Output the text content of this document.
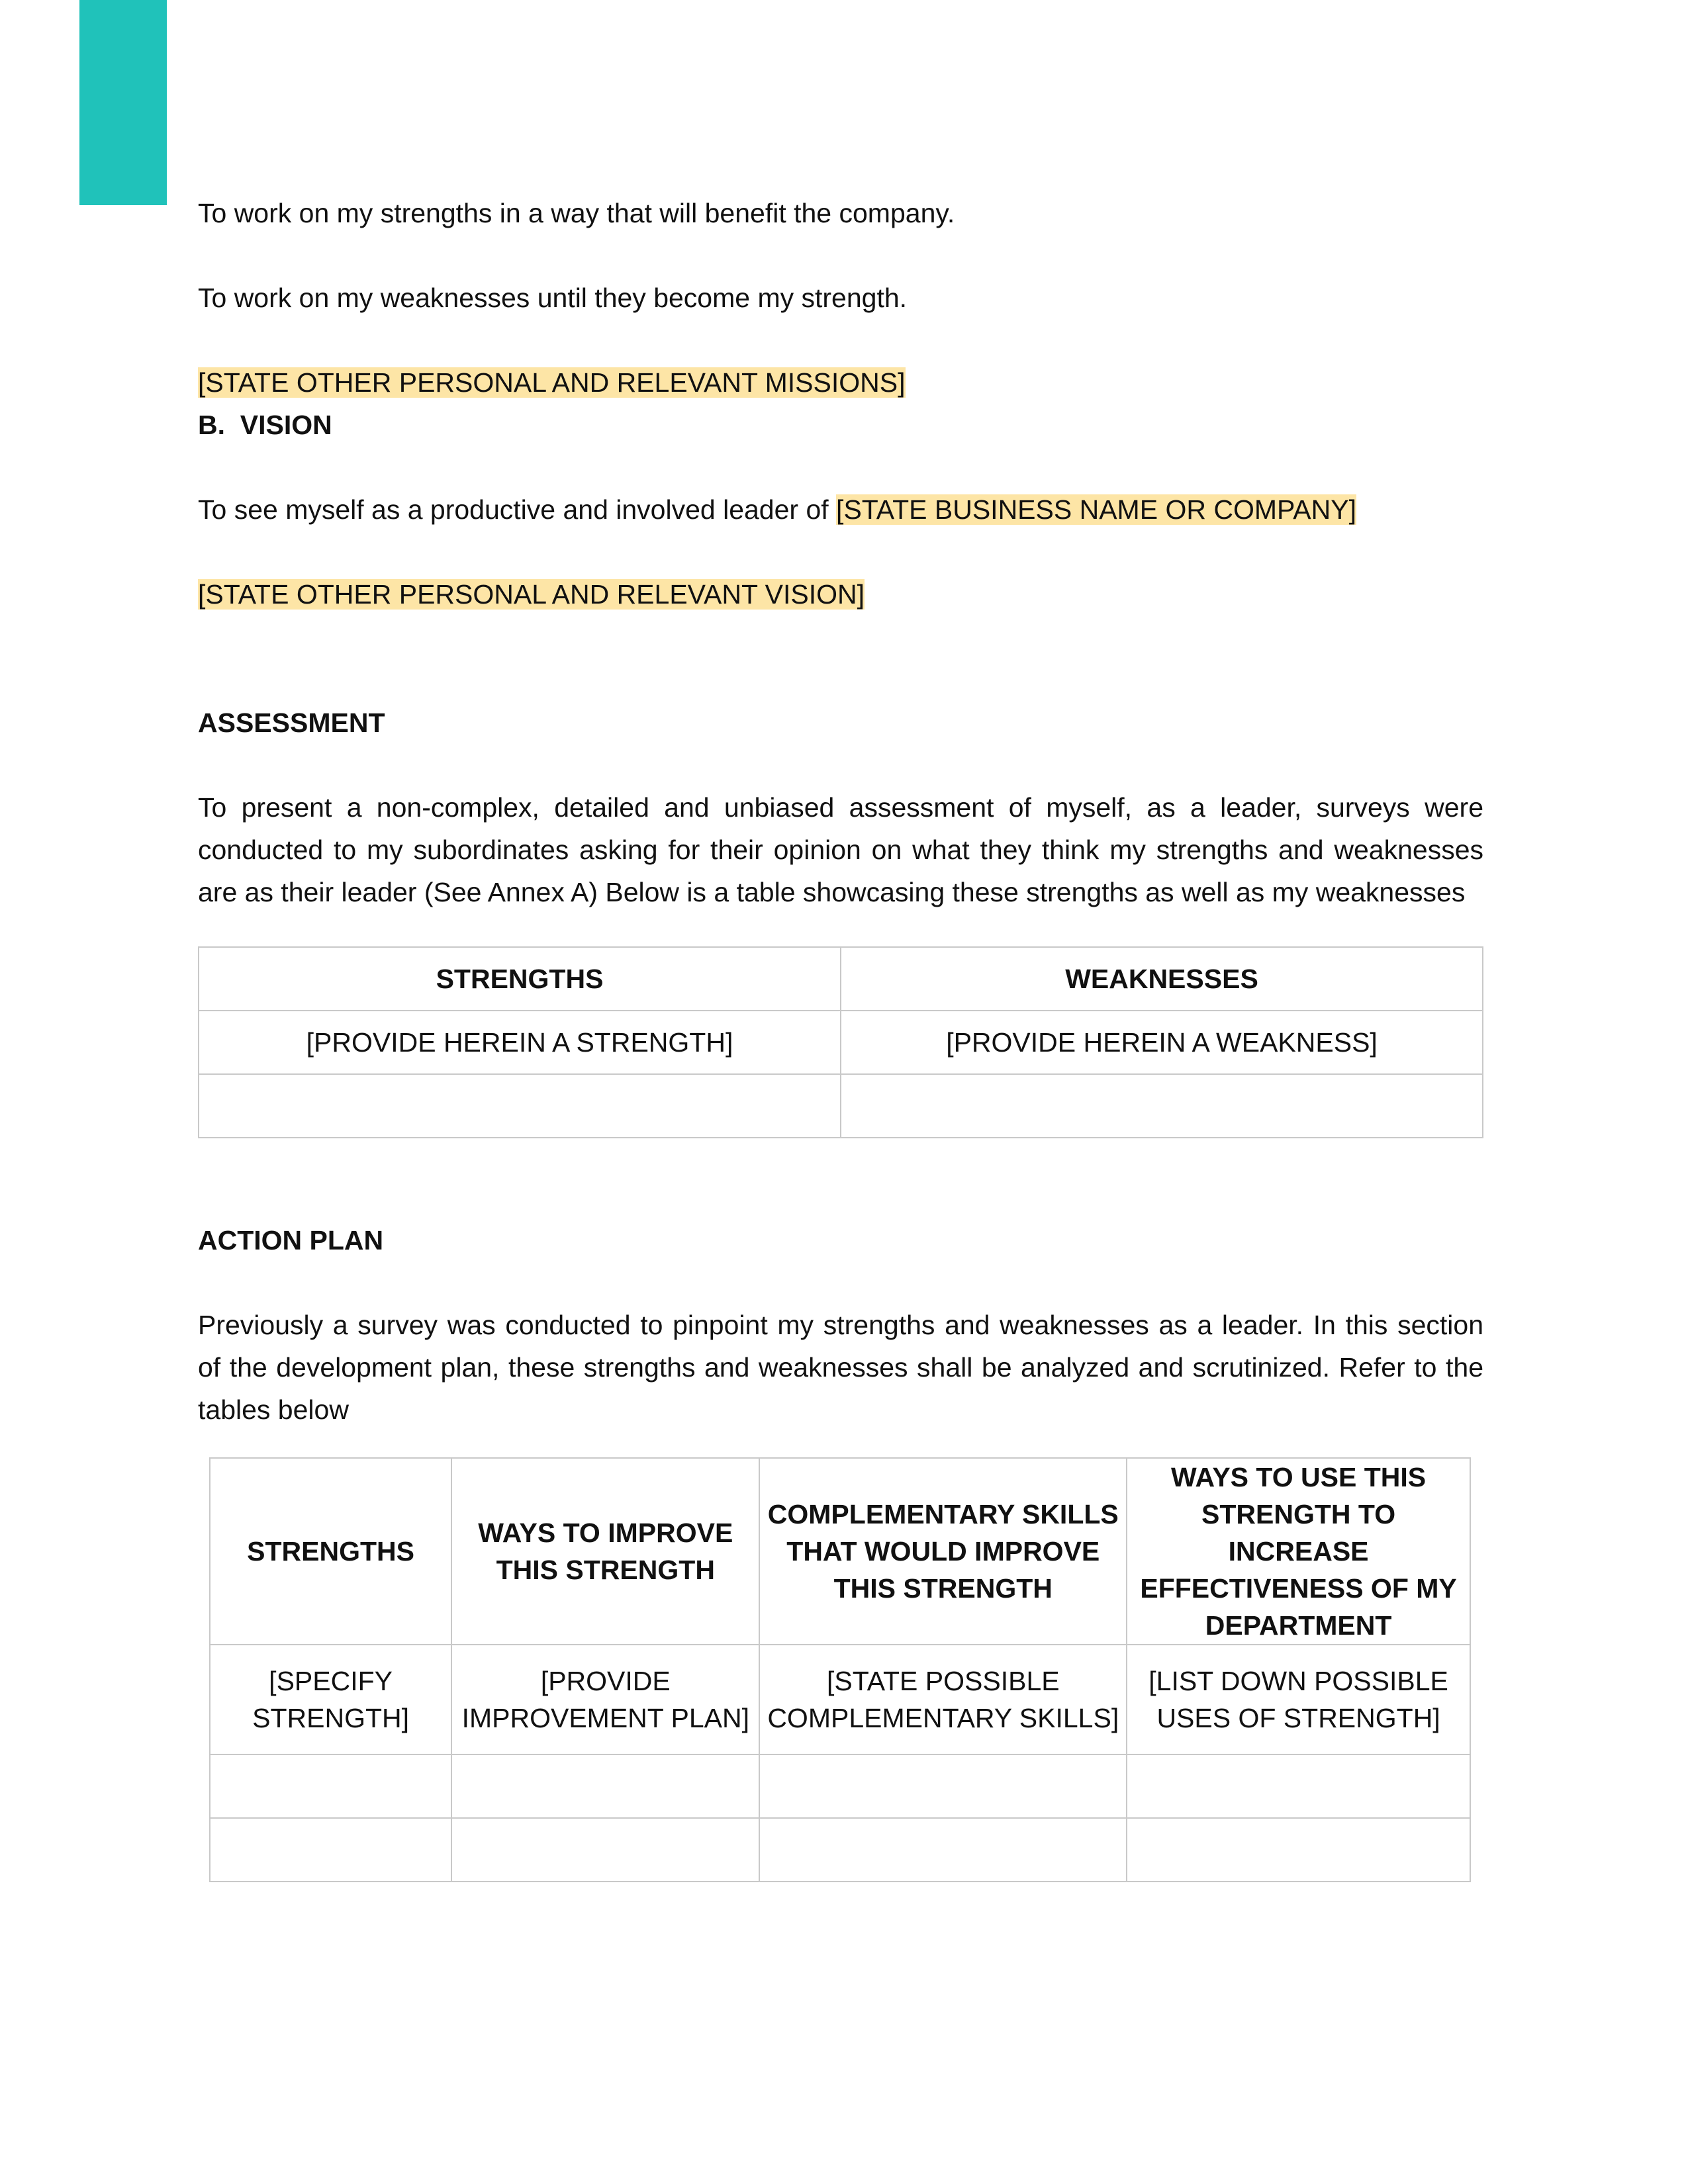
To work on my strengths in a way that will benefit the company.

To work on my weaknesses until they become my strength.

[STATE OTHER PERSONAL AND RELEVANT MISSIONS]

B.  VISION

To see myself as a productive and involved leader of [STATE BUSINESS NAME OR COMPANY]

[STATE OTHER PERSONAL AND RELEVANT VISION]

ASSESSMENT

To present a non-complex, detailed and unbiased assessment of myself, as a leader, surveys were
conducted to my subordinates asking for their opinion on what they think my strengths and weaknesses
are as their leader (See Annex A) Below is a table showcasing these strengths as well as my weaknesses
STRENGTHS	WEAKNESSES
[PROVIDE HEREIN A STRENGTH]	[PROVIDE HEREIN A WEAKNESS]

ACTION PLAN

Previously a survey was conducted to pinpoint my strengths and weaknesses as a leader. In this section
of the development plan, these strengths and weaknesses shall be analyzed and scrutinized. Refer to the
tables below
STRENGTHS	WAYS TO IMPROVE THIS STRENGTH	COMPLEMENTARY SKILLS THAT WOULD IMPROVE THIS STRENGTH	WAYS TO USE THIS STRENGTH TO INCREASE EFFECTIVENESS OF MY DEPARTMENT
[SPECIFY STRENGTH]	[PROVIDE IMPROVEMENT PLAN]	[STATE POSSIBLE COMPLEMENTARY SKILLS]	[LIST DOWN POSSIBLE USES OF STRENGTH]
